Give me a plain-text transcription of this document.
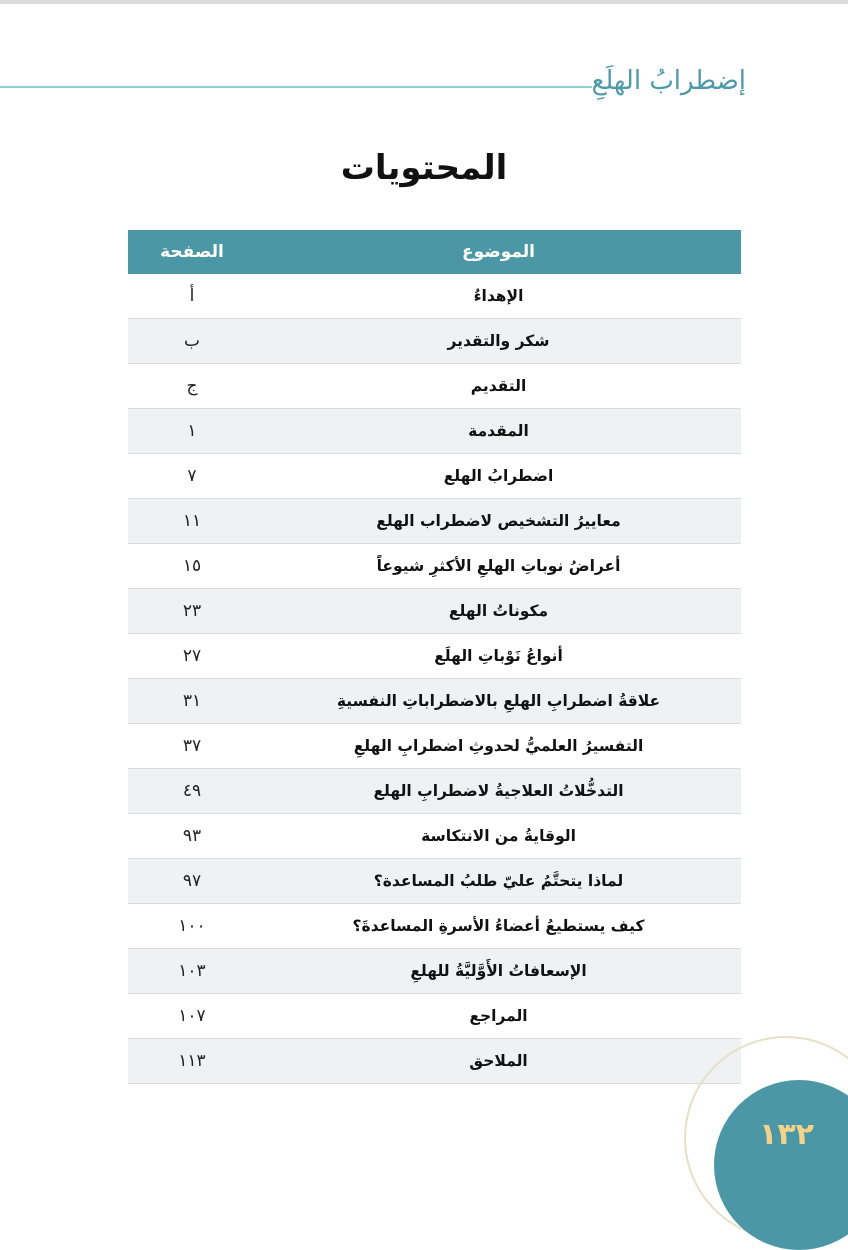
إضطرابُ الهلَعِ
المحتويات
الموضوع
الصفحة
الإهداءُ
أ
شكر والتقدير
ب
التقديم
ج
المقدمة
١
اضطرابُ الهلع
٧
معاييرُ التشخيص لاضطراب الهلع
١١
أعراضُ نوباتِ الهلعِ الأكثرِ شيوعاً
١٥
مكوناتُ الهلع
٢٣
أنواعُ نَوْباتِ الهلَع
٢٧
علاقةُ اضطرابِ الهلعِ بالاضطراباتِ النفسيةِ
٣١
التفسيرُ العلميُّ لحدوثِ اضطرابِ الهلعِ
٣٧
التدخُّلاتُ العلاجيةُ لاضطرابِ الهلع
٤٩
الوقايةُ من الانتكاسة
٩٣
لماذا يتحتَّمُ عليّ طلبُ المساعدة؟
٩٧
كيف يستطيعُ أعضاءُ الأسرةِ المساعدةَ؟
١٠٠
الإسعافاتُ الأَوَّليَّةُ للهلعِ
١٠٣
المراجع
١٠٧
الملاحق
١١٣
١٣٢
